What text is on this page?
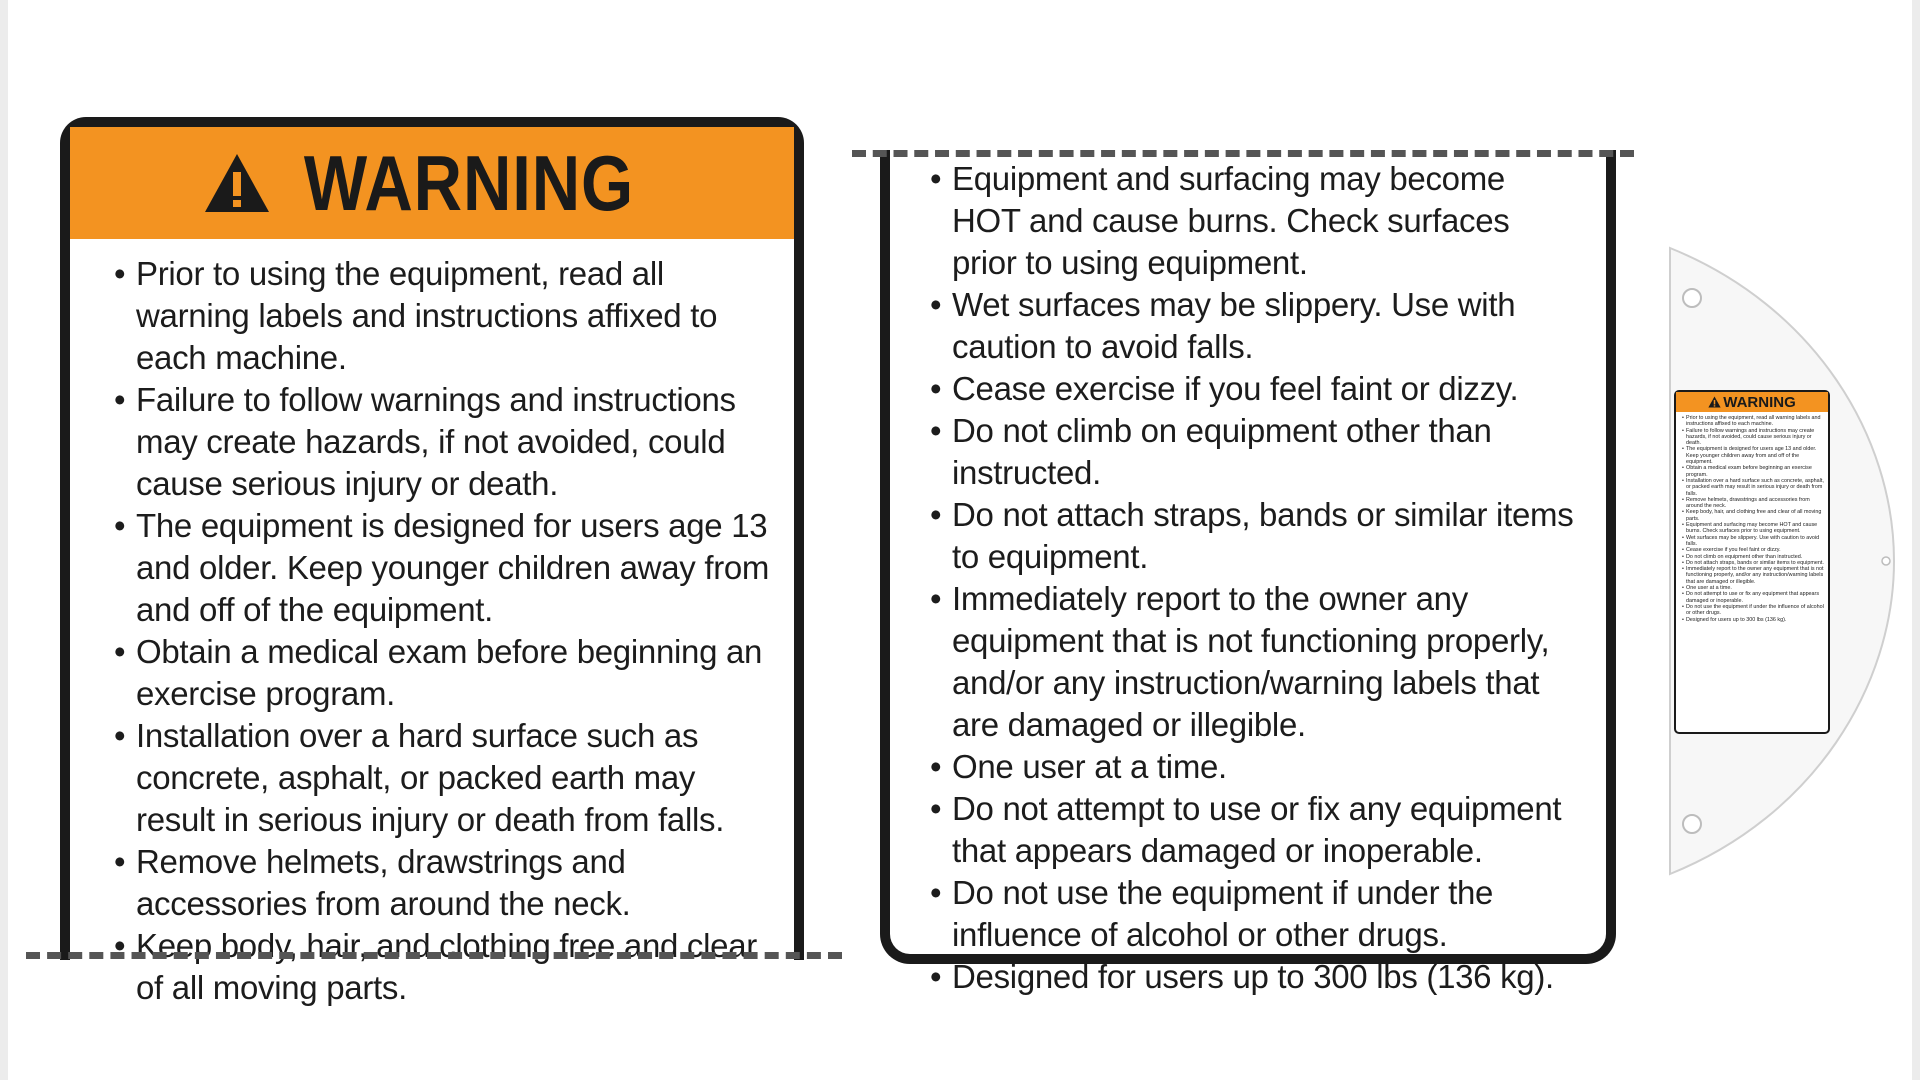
WARNING
• Prior to using the equipment, read all warning labels and instructions affixed to each machine.
• Failure to follow warnings and instructions may create hazards, if not avoided, could cause serious injury or death.
• The equipment is designed for users age 13 and older. Keep younger children away from and off of the equipment.
• Obtain a medical exam before beginning an exercise program.
• Installation over a hard surface such as concrete, asphalt, or packed earth may result in serious injury or death from falls.
• Remove helmets, drawstrings and accessories from around the neck.
• Keep body, hair, and clothing free and clear of all moving parts.
• Equipment and surfacing may become HOT and cause burns. Check surfaces prior to using equipment.
• Wet surfaces may be slippery. Use with caution to avoid falls.
• Cease exercise if you feel faint or dizzy.
• Do not climb on equipment other than instructed.
• Do not attach straps, bands or similar items to equipment.
• Immediately report to the owner any equipment that is not functioning properly, and/or any instruction/warning labels that are damaged or illegible.
• One user at a time.
• Do not attempt to use or fix any equipment that appears damaged or inoperable.
• Do not use the equipment if under the influence of alcohol or other drugs.
• Designed for users up to 300 lbs (136 kg).
WARNING
• Prior to using the equipment, read all warning labels and instructions affixed to each machine.
• Failure to follow warnings and instructions may create hazards, if not avoided, could cause serious injury or death.
• The equipment is designed for users age 13 and older. Keep younger children away from and off of the equipment.
• Obtain a medical exam before beginning an exercise program.
• Installation over a hard surface such as concrete, asphalt, or packed earth may result in serious injury or death from falls.
• Remove helmets, drawstrings and accessories from around the neck.
• Keep body, hair, and clothing free and clear of all moving parts.
• Equipment and surfacing may become HOT and cause burns. Check surfaces prior to using equipment.
• Wet surfaces may be slippery. Use with caution to avoid falls.
• Cease exercise if you feel faint or dizzy.
• Do not climb on equipment other than instructed.
• Do not attach straps, bands or similar items to equipment.
• Immediately report to the owner any equipment that is not functioning properly, and/or any instruction/warning labels that are damaged or illegible.
• One user at a time.
• Do not attempt to use or fix any equipment that appears damaged or inoperable.
• Do not use the equipment if under the influence of alcohol or other drugs.
• Designed for users up to 300 lbs (136 kg).
